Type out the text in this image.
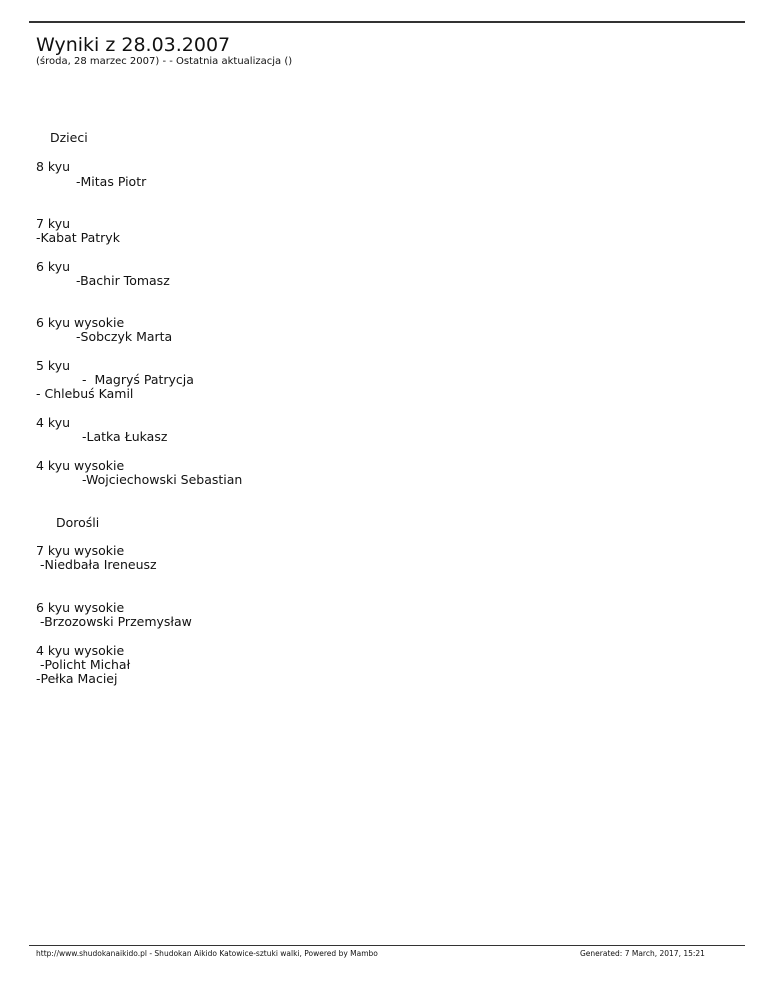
Wyniki z 28.03.2007
(środa, 28 marzec 2007) - - Ostatnia aktualizacja ()
Dzieci
8 kyu
-Mitas Piotr
7 kyu
-Kabat Patryk
6 kyu
-Bachir Tomasz
6 kyu wysokie
-Sobczyk Marta
5 kyu
-  Magryś Patrycja
- Chlebuś Kamil
4 kyu
-Latka Łukasz
4 kyu wysokie
-Wojciechowski Sebastian
Dorośli
7 kyu wysokie
-Niedbała Ireneusz
6 kyu wysokie
-Brzozowski Przemysław
4 kyu wysokie
-Policht Michał
-Pełka Maciej
http://www.shudokanaikido.pl - Shudokan Aikido Katowice-sztuki walki, Powered by Mambo	Generated: 7 March, 2017, 15:21
